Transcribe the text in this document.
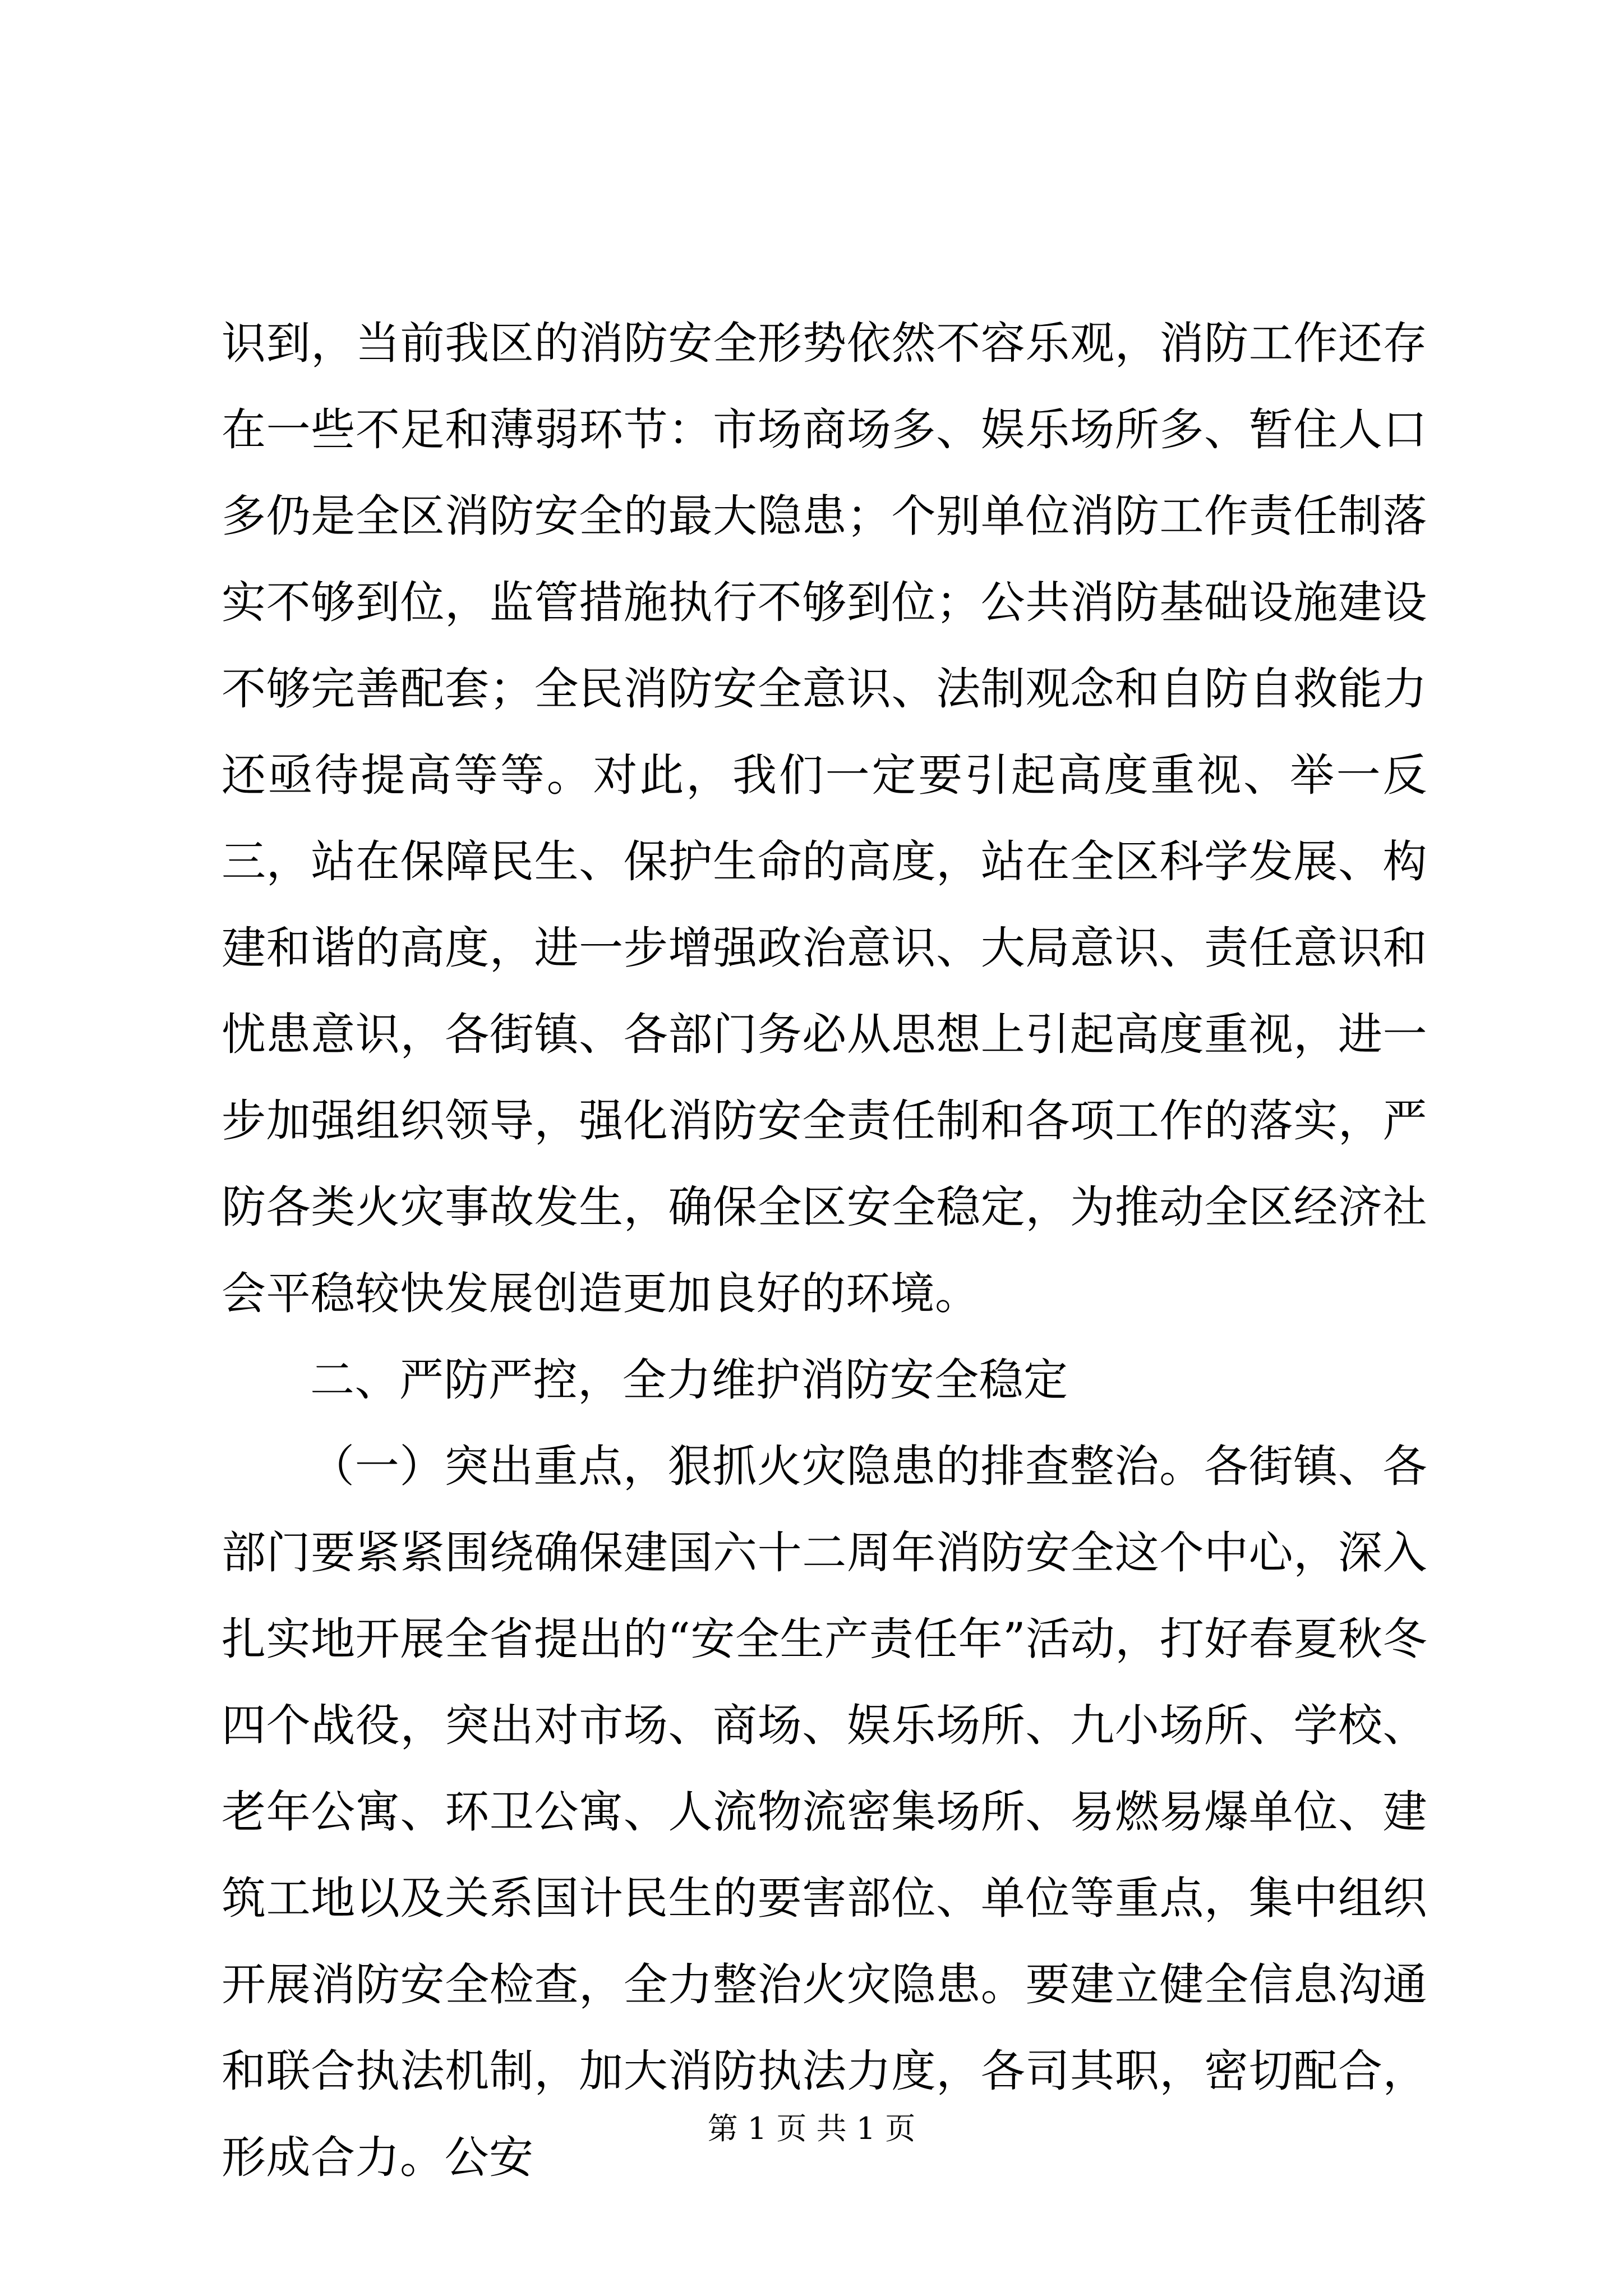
识到，当前我区的消防安全形势依然不容乐观，消防工作还存在一些不足和薄弱环节：市场商场多、娱乐场所多、暂住人口多仍是全区消防安全的最大隐患；个别单位消防工作责任制落实不够到位，监管措施执行不够到位；公共消防基础设施建设不够完善配套；全民消防安全意识、法制观念和自防自救能力还亟待提高等等。对此，我们一定要引起高度重视、举一反三，站在保障民生、保护生命的高度，站在全区科学发展、构建和谐的高度，进一步增强政治意识、大局意识、责任意识和忧患意识，各街镇、各部门务必从思想上引起高度重视，进一步加强组织领导，强化消防安全责任制和各项工作的落实，严防各类火灾事故发生，确保全区安全稳定，为推动全区经济社会平稳较快发展创造更加良好的环境。

二、严防严控，全力维护消防安全稳定

（一）突出重点，狠抓火灾隐患的排查整治。各街镇、各部门要紧紧围绕确保建国六十二周年消防安全这个中心，深入扎实地开展全省提出的“安全生产责任年”活动，打好春夏秋冬四个战役，突出对市场、商场、娱乐场所、九小场所、学校、老年公寓、环卫公寓、人流物流密集场所、易燃易爆单位、建筑工地以及关系国计民生的要害部位、单位等重点，集中组织开展消防安全检查，全力整治火灾隐患。要建立健全信息沟通和联合执法机制，加大消防执法力度，各司其职，密切配合，形成合力。公安

第 1 页 共 1 页
